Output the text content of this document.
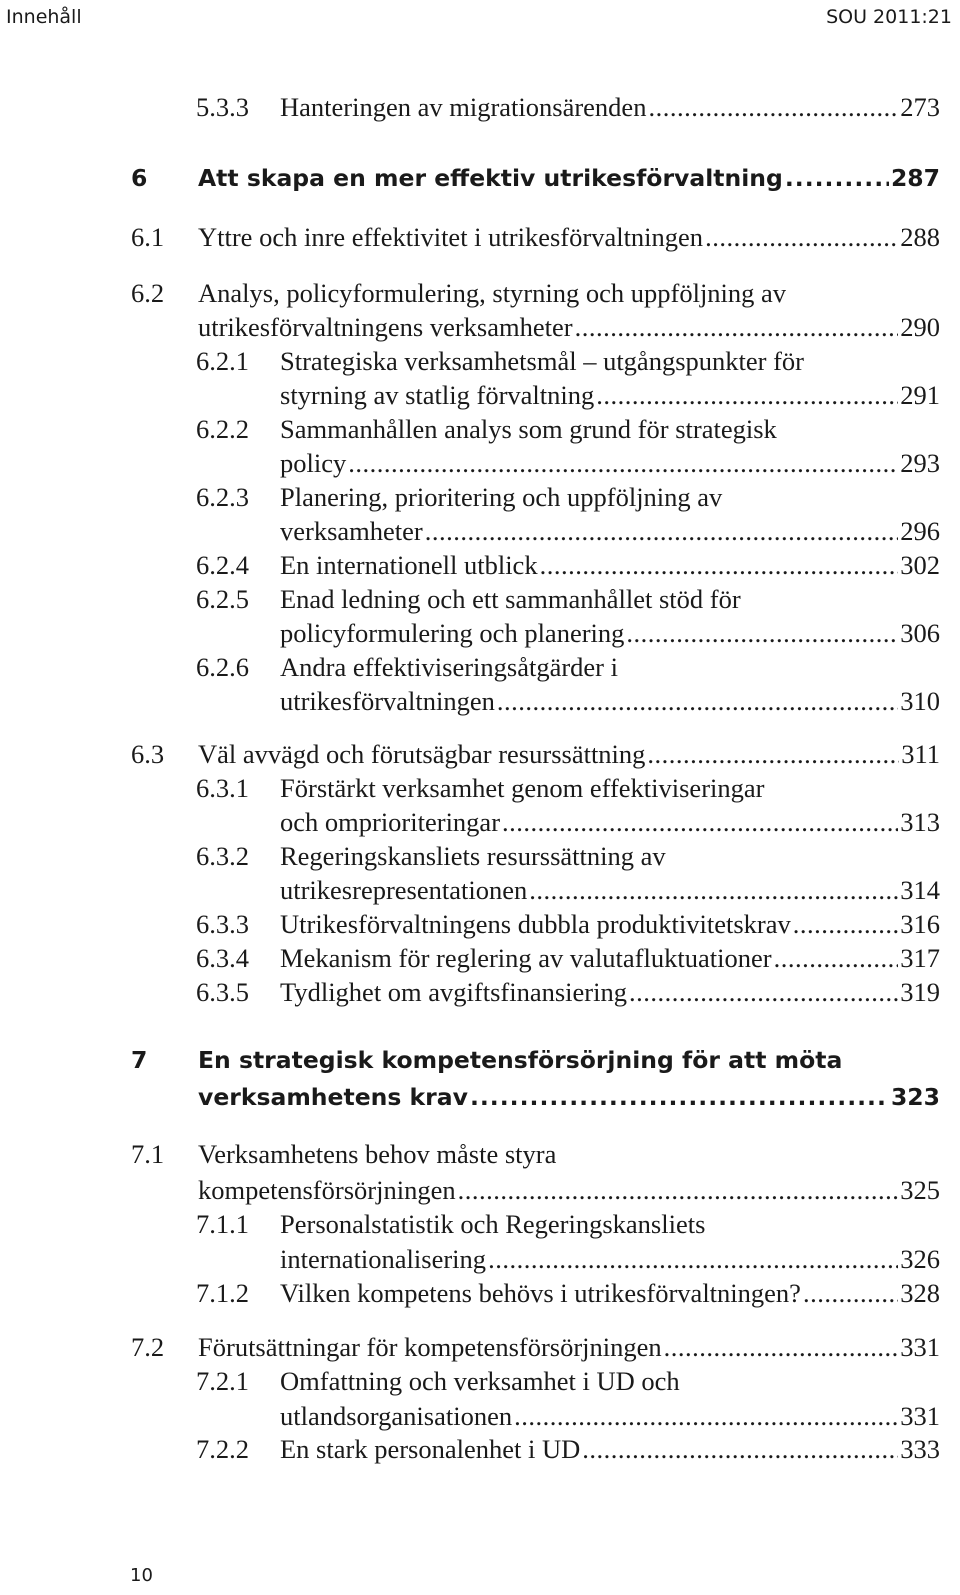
Innehåll	SOU 2011:21
5.3.3 Hanteringen av migrationsärenden .....	273
6 Att skapa en mer effektiv utrikesförvaltning .....	287
6.1 Yttre och inre effektivitet i utrikesförvaltningen .....	288
6.2 Analys, policyformulering, styrning och uppföljning av
utrikesförvaltningens verksamheter .....	290
6.2.1 Strategiska verksamhetsmål – utgångspunkter för
styrning av statlig förvaltning .....	291
6.2.2 Sammanhållen analys som grund för strategisk
policy .....	293
6.2.3 Planering, prioritering och uppföljning av
verksamheter .....	296
6.2.4 En internationell utblick .....	302
6.2.5 Enad ledning och ett sammanhållet stöd för
policyformulering och planering .....	306
6.2.6 Andra effektiviseringsåtgärder i
utrikesförvaltningen .....	310
6.3 Väl avvägd och förutsägbar resurssättning .....	311
6.3.1 Förstärkt verksamhet genom effektiviseringar
och omprioriteringar .....	313
6.3.2 Regeringskansliets resurssättning av
utrikesrepresentationen .....	314
6.3.3 Utrikesförvaltningens dubbla produktivitetskrav .....	316
6.3.4 Mekanism för reglering av valutafluktuationer .....	317
6.3.5 Tydlighet om avgiftsfinansiering .....	319
7 En strategisk kompetensförsörjning för att möta
verksamhetens krav .....	323
7.1 Verksamhetens behov måste styra
kompetensförsörjningen .....	325
7.1.1 Personalstatistik och Regeringskansliets
internationalisering .....	326
7.1.2 Vilken kompetens behövs i utrikesförvaltningen? .....	328
7.2 Förutsättningar för kompetensförsörjningen .....	331
7.2.1 Omfattning och verksamhet i UD och
utlandsorganisationen .....	331
7.2.2 En stark personalenhet i UD .....	333
10
